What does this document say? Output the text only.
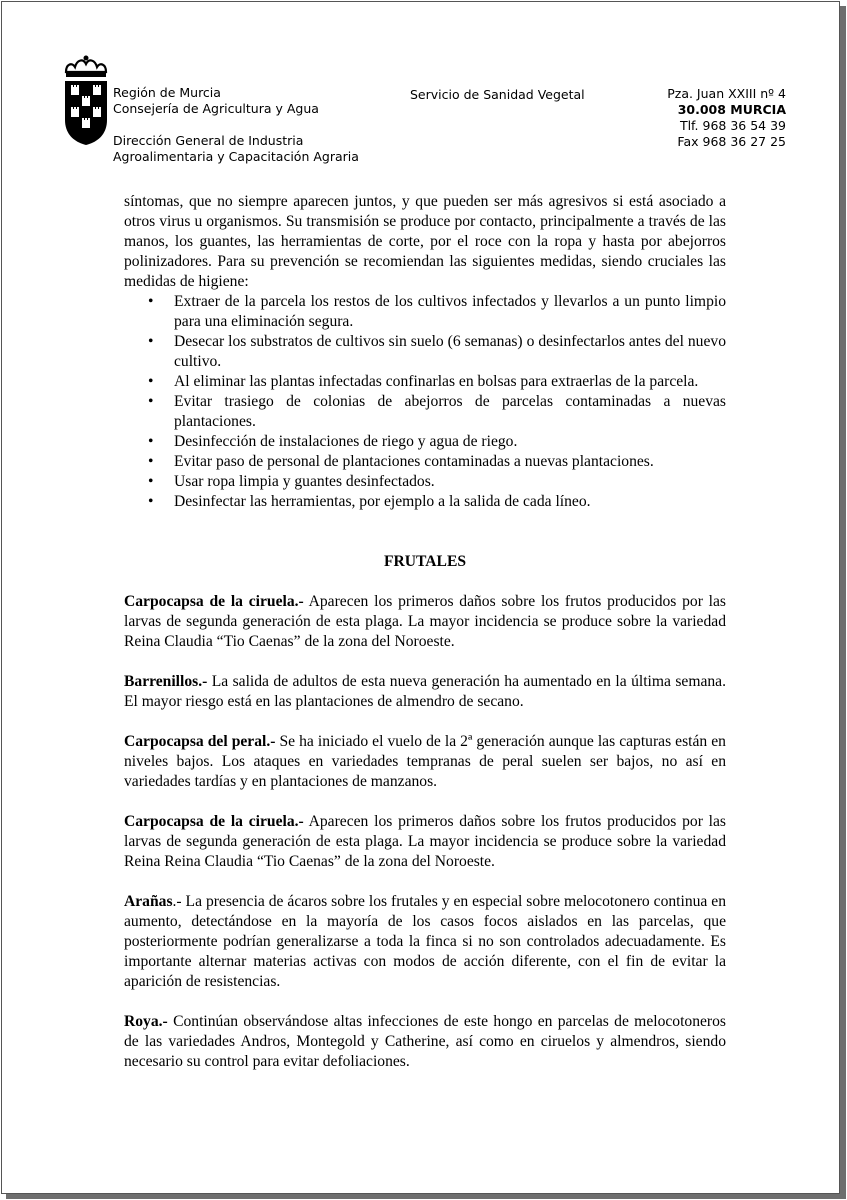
Región de Murcia
Consejería de Agricultura y Agua
Dirección General de Industria
Agroalimentaria y Capacitación Agraria
Servicio de Sanidad Vegetal	Pza. Juan XXIII nº 4
30.008 MURCIA
Tlf. 968 36 54 39
Fax 968 36 27 25

síntomas, que no siempre aparecen juntos, y que pueden ser más agresivos si está asociado a otros virus u organismos. Su transmisión se produce por contacto, principalmente a través de las manos, los guantes, las herramientas de corte, por el roce con la ropa y hasta por abejorros polinizadores. Para su prevención se recomiendan las siguientes medidas, siendo cruciales las medidas de higiene:

• Extraer de la parcela los restos de los cultivos infectados y llevarlos a un punto limpio para una eliminación segura.
• Desecar los substratos de cultivos sin suelo (6 semanas) o desinfectarlos antes del nuevo cultivo.
• Al eliminar las plantas infectadas confinarlas en bolsas para extraerlas de la parcela.
• Evitar trasiego de colonias de abejorros de parcelas contaminadas a nuevas plantaciones.
• Desinfección de instalaciones de riego y agua de riego.
• Evitar paso de personal de plantaciones contaminadas a nuevas plantaciones.
• Usar ropa limpia y guantes desinfectados.
• Desinfectar las herramientas, por ejemplo a la salida de cada líneo.

FRUTALES

Carpocapsa de la ciruela.- Aparecen los primeros daños sobre los frutos producidos por las larvas de segunda generación de esta plaga. La mayor incidencia se produce sobre la variedad Reina Claudia “Tio Caenas” de la zona del Noroeste.

Barrenillos.- La salida de adultos de esta nueva generación ha aumentado en la última semana. El mayor riesgo está en las plantaciones de almendro de secano.

Carpocapsa del peral.- Se ha iniciado el vuelo de la 2ª generación aunque las capturas están en niveles bajos. Los ataques en variedades tempranas de peral suelen ser bajos, no así en variedades tardías y en plantaciones de manzanos.

Carpocapsa de la ciruela.- Aparecen los primeros daños sobre los frutos producidos por las larvas de segunda generación de esta plaga. La mayor incidencia se produce sobre la variedad Reina Reina Claudia “Tio Caenas” de la zona del Noroeste.

Arañas.- La presencia de ácaros sobre los frutales y en especial sobre melocotonero continua en aumento, detectándose en la mayoría de los casos focos aislados en las parcelas, que posteriormente podrían generalizarse a toda la finca si no son controlados adecuadamente. Es importante alternar materias activas con modos de acción diferente, con el fin de evitar la aparición de resistencias.

Roya.- Continúan observándose altas infecciones de este hongo en parcelas de melocotoneros de las variedades Andros, Montegold y Catherine, así como en ciruelos y almendros, siendo necesario su control para evitar defoliaciones.
